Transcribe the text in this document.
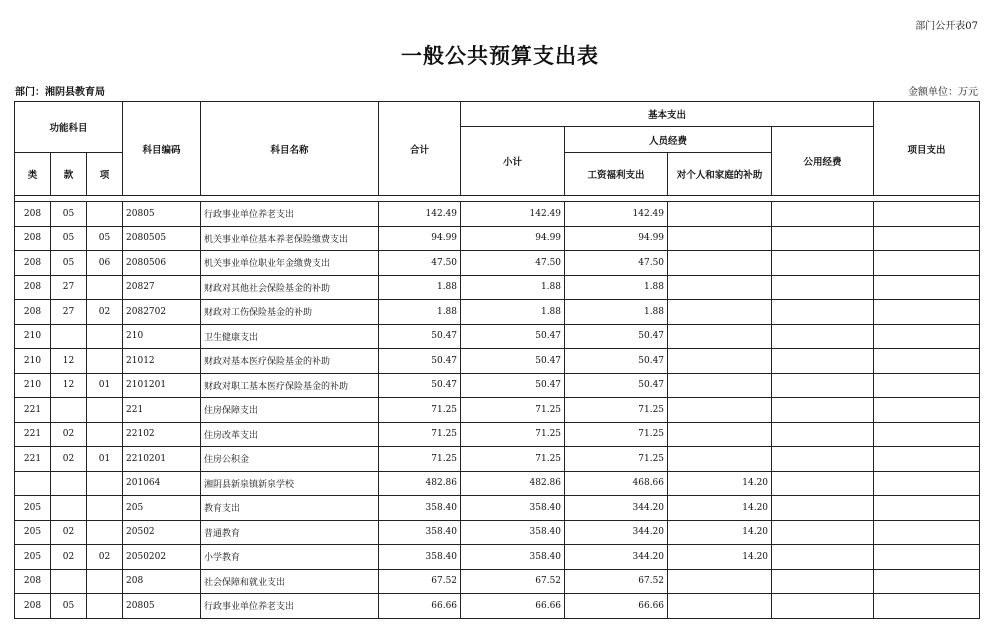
部门公开表07
一般公共预算支出表
部门：湘阴县教育局	金额单位：万元
功能科目			科目编码	科目名称	合计	基本支出				项目支出
						小计	人员经费		公用经费	
类	款	项					工资福利支出	对个人和家庭的补助		

208	05		20805	行政事业单位养老支出	142.49	142.49	142.49			
208	05	05	2080505	机关事业单位基本养老保险缴费支出	94.99	94.99	94.99			
208	05	06	2080506	机关事业单位职业年金缴费支出	47.50	47.50	47.50			
208	27		20827	财政对其他社会保险基金的补助	1.88	1.88	1.88			
208	27	02	2082702	财政对工伤保险基金的补助	1.88	1.88	1.88			
210			210	卫生健康支出	50.47	50.47	50.47			
210	12		21012	财政对基本医疗保险基金的补助	50.47	50.47	50.47			
210	12	01	2101201	财政对职工基本医疗保险基金的补助	50.47	50.47	50.47			
221			221	住房保障支出	71.25	71.25	71.25			
221	02		22102	住房改革支出	71.25	71.25	71.25			
221	02	01	2210201	住房公积金	71.25	71.25	71.25			
			201064	湘阴县新泉镇新泉学校	482.86	482.86	468.66	14.20		
205			205	教育支出	358.40	358.40	344.20	14.20		
205	02		20502	普通教育	358.40	358.40	344.20	14.20		
205	02	02	2050202	小学教育	358.40	358.40	344.20	14.20		
208			208	社会保障和就业支出	67.52	67.52	67.52			
208	05		20805	行政事业单位养老支出	66.66	66.66	66.66			
